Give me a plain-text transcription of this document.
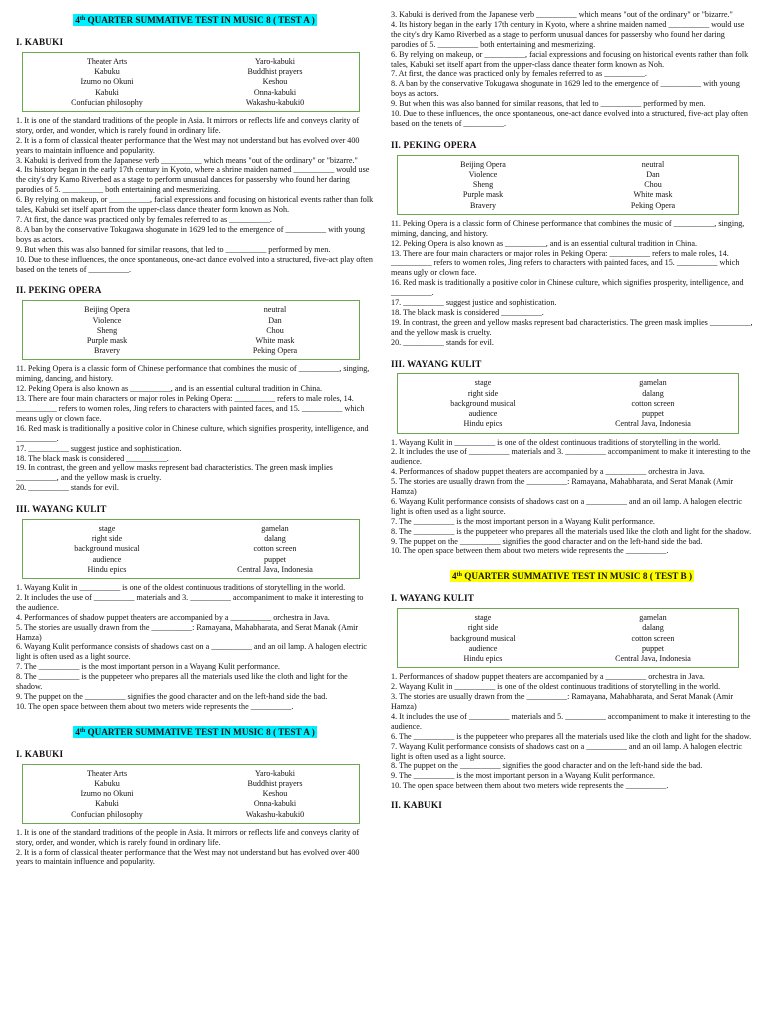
4th QUARTER SUMMATIVE TEST IN MUSIC 8 ( TEST A )
I. KABUKI
Theater Arts	Yaro-kabuki
Kabuku	Buddhist prayers
Izumo no Okuni	Keshou
Kabuki	Onna-kabuki
Confucian philosophy	Wakashu-kabuki0

1. It is one of the standard traditions of the people in Asia. It mirrors or reflects life and conveys clarity of story, order, and wonder, which is rarely found in ordinary life.

2. It is a form of classical theater performance that the West may not understand but has evolved over 400 years to maintain influence and popularity.

3. Kabuki is derived from the Japanese verb __________ which means "out of the ordinary" or "bizarre."

4. Its history began in the early 17th century in Kyoto, where a shrine maiden named __________ would use the city's dry Kamo Riverbed as a stage to perform unusual dances for passersby who found her daring parodies of 5. __________ both entertaining and mesmerizing.

6. By relying on makeup, or __________, facial expressions and focusing on historical events rather than folk tales, Kabuki set itself apart from the upper-class dance theater form known as Noh.

7. At first, the dance was practiced only by females referred to as __________.

8. A ban by the conservative Tokugawa shogunate in 1629 led to the emergence of __________ with young boys as actors.

9. But when this was also banned for similar reasons, that led to __________ performed by men.

10. Due to these influences, the once spontaneous, one-act dance evolved into a structured, five-act play often based on the tenets of __________.

II. PEKING OPERA
Beijing Opera	neutral
Violence	Dan
Sheng	Chou
Purple mask	White mask
Bravery	Peking Opera

11. Peking Opera is a classic form of Chinese performance that combines the music of __________, singing, miming, dancing, and history.

12. Peking Opera is also known as __________, and is an essential cultural tradition in China.

13. There are four main characters or major roles in Peking Opera: __________ refers to male roles, 14. __________ refers to women roles, Jing refers to characters with painted faces, and 15. __________ which means ugly or clown face.

16. Red mask is traditionally a positive color in Chinese culture, which signifies prosperity, intelligence, and __________.

17. __________ suggest justice and sophistication.

18. The black mask is considered __________.

19. In contrast, the green and yellow masks represent bad characteristics. The green mask implies __________, and the yellow mask is cruelty.

20. __________ stands for evil.

III. WAYANG KULIT
stage	gamelan
right side	dalang
background musical	cotton screen
audience	puppet
Hindu epics	Central Java, Indonesia

1. Wayang Kulit in __________ is one of the oldest continuous traditions of storytelling in the world.

2. It includes the use of __________ materials and 3. __________ accompaniment to make it interesting to the audience.

4. Performances of shadow puppet theaters are accompanied by a __________ orchestra in Java.

5. The stories are usually drawn from the __________: Ramayana, Mahabharata, and Serat Manak (Amir Hamza)

6. Wayang Kulit performance consists of shadows cast on a __________ and an oil lamp. A halogen electric light is often used as a light source.

7. The __________ is the most important person in a Wayang Kulit performance.

8. The __________ is the puppeteer who prepares all the materials used like the cloth and light for the shadow.

9. The puppet on the __________ signifies the good character and on the left-hand side the bad.

10. The open space between them about two meters wide represents the __________.

4th QUARTER SUMMATIVE TEST IN MUSIC 8 ( TEST A )
I. KABUKI
Theater Arts	Yaro-kabuki
Kabuku	Buddhist prayers
Izumo no Okuni	Keshou
Kabuki	Onna-kabuki
Confucian philosophy	Wakashu-kabuki0

1. It is one of the standard traditions of the people in Asia. It mirrors or reflects life and conveys clarity of story, order, and wonder, which is rarely found in ordinary life.

2. It is a form of classical theater performance that the West may not understand but has evolved over 400 years to maintain influence and popularity.

3. Kabuki is derived from the Japanese verb __________ which means "out of the ordinary" or "bizarre."

4. Its history began in the early 17th century in Kyoto, where a shrine maiden named __________ would use the city's dry Kamo Riverbed as a stage to perform unusual dances for passersby who found her daring parodies of 5. __________ both entertaining and mesmerizing.

6. By relying on makeup, or __________, facial expressions and focusing on historical events rather than folk tales, Kabuki set itself apart from the upper-class dance theater form known as Noh.

7. At first, the dance was practiced only by females referred to as __________.

8. A ban by the conservative Tokugawa shogunate in 1629 led to the emergence of __________ with young boys as actors.

9. But when this was also banned for similar reasons, that led to __________ performed by men.

10. Due to these influences, the once spontaneous, one-act dance evolved into a structured, five-act play often based on the tenets of __________.

II. PEKING OPERA
Beijing Opera	neutral
Violence	Dan
Sheng	Chou
Purple mask	White mask
Bravery	Peking Opera

11. Peking Opera is a classic form of Chinese performance that combines the music of __________, singing, miming, dancing, and history.

12. Peking Opera is also known as __________, and is an essential cultural tradition in China.

13. There are four main characters or major roles in Peking Opera: __________ refers to male roles, 14. __________ refers to women roles, Jing refers to characters with painted faces, and 15. __________ which means ugly or clown face.

16. Red mask is traditionally a positive color in Chinese culture, which signifies prosperity, intelligence, and __________.

17. __________ suggest justice and sophistication.

18. The black mask is considered __________.

19. In contrast, the green and yellow masks represent bad characteristics. The green mask implies __________, and the yellow mask is cruelty.

20. __________ stands for evil.

III. WAYANG KULIT
stage	gamelan
right side	dalang
background musical	cotton screen
audience	puppet
Hindu epics	Central Java, Indonesia

1. Wayang Kulit in __________ is one of the oldest continuous traditions of storytelling in the world.

2. It includes the use of __________ materials and 3. __________ accompaniment to make it interesting to the audience.

4. Performances of shadow puppet theaters are accompanied by a __________ orchestra in Java.

5. The stories are usually drawn from the __________: Ramayana, Mahabharata, and Serat Manak (Amir Hamza)

6. Wayang Kulit performance consists of shadows cast on a __________ and an oil lamp. A halogen electric light is often used as a light source.

7. The __________ is the most important person in a Wayang Kulit performance.

8. The __________ is the puppeteer who prepares all the materials used like the cloth and light for the shadow.

9. The puppet on the __________ signifies the good character and on the left-hand side the bad.

10. The open space between them about two meters wide represents the __________.

4th QUARTER SUMMATIVE TEST IN MUSIC 8 ( TEST B )
I. WAYANG KULIT
stage	gamelan
right side	dalang
background musical	cotton screen
audience	puppet
Hindu epics	Central Java, Indonesia

1. Performances of shadow puppet theaters are accompanied by a __________ orchestra in Java.

2. Wayang Kulit in __________ is one of the oldest continuous traditions of storytelling in the world.

3. The stories are usually drawn from the __________: Ramayana, Mahabharata, and Serat Manak (Amir Hamza)

4. It includes the use of __________ materials and 5. __________ accompaniment to make it interesting to the audience.

6. The __________ is the puppeteer who prepares all the materials used like the cloth and light for the shadow.

7. Wayang Kulit performance consists of shadows cast on a __________ and an oil lamp. A halogen electric light is often used as a light source.

8. The puppet on the __________ signifies the good character and on the left-hand side the bad.

9. The __________ is the most important person in a Wayang Kulit performance.

10. The open space between them about two meters wide represents the __________.

II. KABUKI
